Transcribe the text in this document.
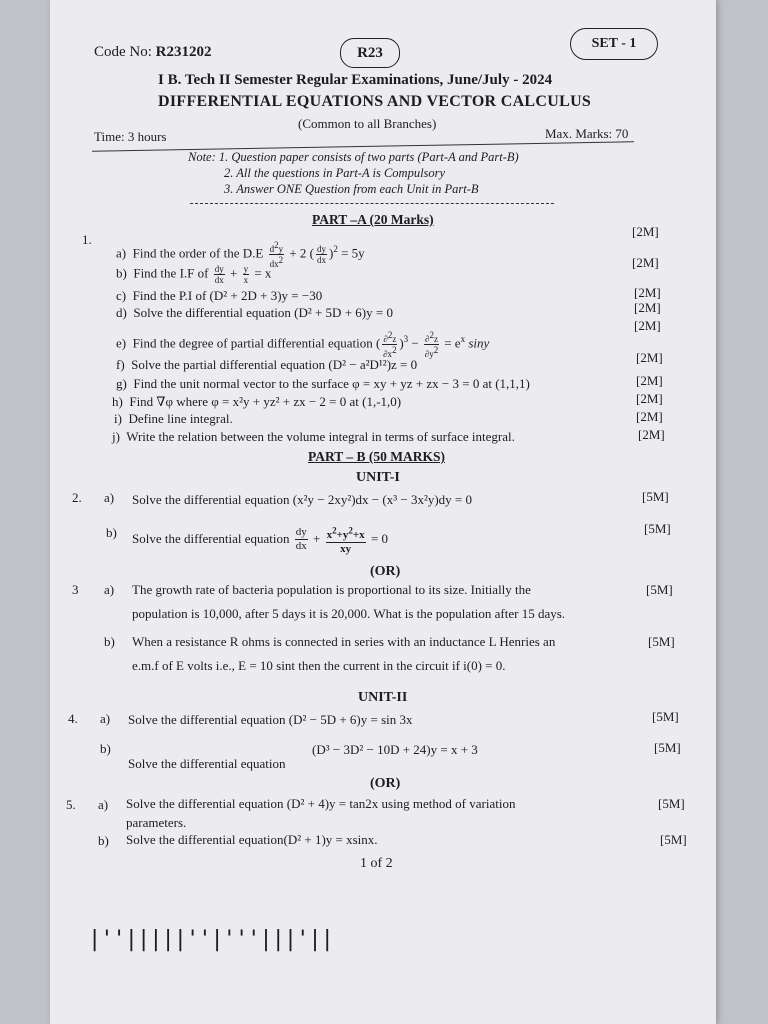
Code No: R231202	R23
SET - 1
I B. Tech II Semester Regular Examinations, June/July - 2024
DIFFERENTIAL EQUATIONS AND VECTOR CALCULUS
(Common to all Branches)
Time: 3 hours	Max. Marks: 70
Note: 1. Question paper consists of two parts (Part-A and Part-B)
2. All the questions in Part-A is Compulsory
3. Answer ONE Question from each Unit in Part-B
PART –A (20 Marks)
1.
a)  Find the order of the $D.E \frac{d^2y}{dx^2} + 2$ ( $\frac{dy}{dx} )^2 = 5y$
[2M]
b)  Find the I.F of $\frac{dy}{dx} + \frac{y}{x} = x$
[2M]
c) Find the P.I of (D² + 2D + 3)y = −30	[2M]
d) Solve the differential equation (D² + 5D + 6)y = 0	[2M]
e)  Find the degree of partial differential equation ( $\frac{\partial^2z}{\partial x^2} )^3 - \frac{\partial^2z}{\partial y^2} = e^x$ siny
[2M]
f) Solve the partial differential equation (D² − a²D¹²)z = 0	[2M]
g) Find the unit normal vector to the surface φ = xy + yz + zx − 3 = 0 at (1,1,1)	[2M]
h) Find ∇φ where φ = x²y + yz² + zx − 2 = 0 at (1,-1,0)	[2M]
i) Define line integral.	[2M]
j) Write the relation between the volume integral in terms of surface integral.	[2M]
PART – B (50 MARKS)
UNIT-I
2. a) Solve the differential equation (x²y − 2xy²)dx − (x³ − 3x²y)dy = 0	[5M]
b) Solve the differential equation $\frac{dy}{dx} + \frac{x^2+y^2+x}{xy} = 0$
[5M]
(OR)
3 a) The growth rate of bacteria population is proportional to its size. Initially the
population is 10,000, after 5 days it is 20,000. What is the population after 15 days.
[5M]
b) When a resistance R ohms is connected in series with an inductance L Henries an
e.m.f of E volts i.e., E = 10 sint then the current in the circuit if i(0) = 0.
[5M]
UNIT-II
4. a) Solve the differential equation (D² − 5D + 6)y = sin 3x	[5M]
b)	(D³ − 3D² − 10D + 24)y = x + 3
Solve the differential equation
[5M]
(OR)
5. a) Solve the differential equation (D² + 4)y = tan2x using method of variation
parameters.
[5M]
b) Solve the differential equation(D² + 1)y = xsinx.	[5M]
1 of 2
|''|||||''|'''|||'||
